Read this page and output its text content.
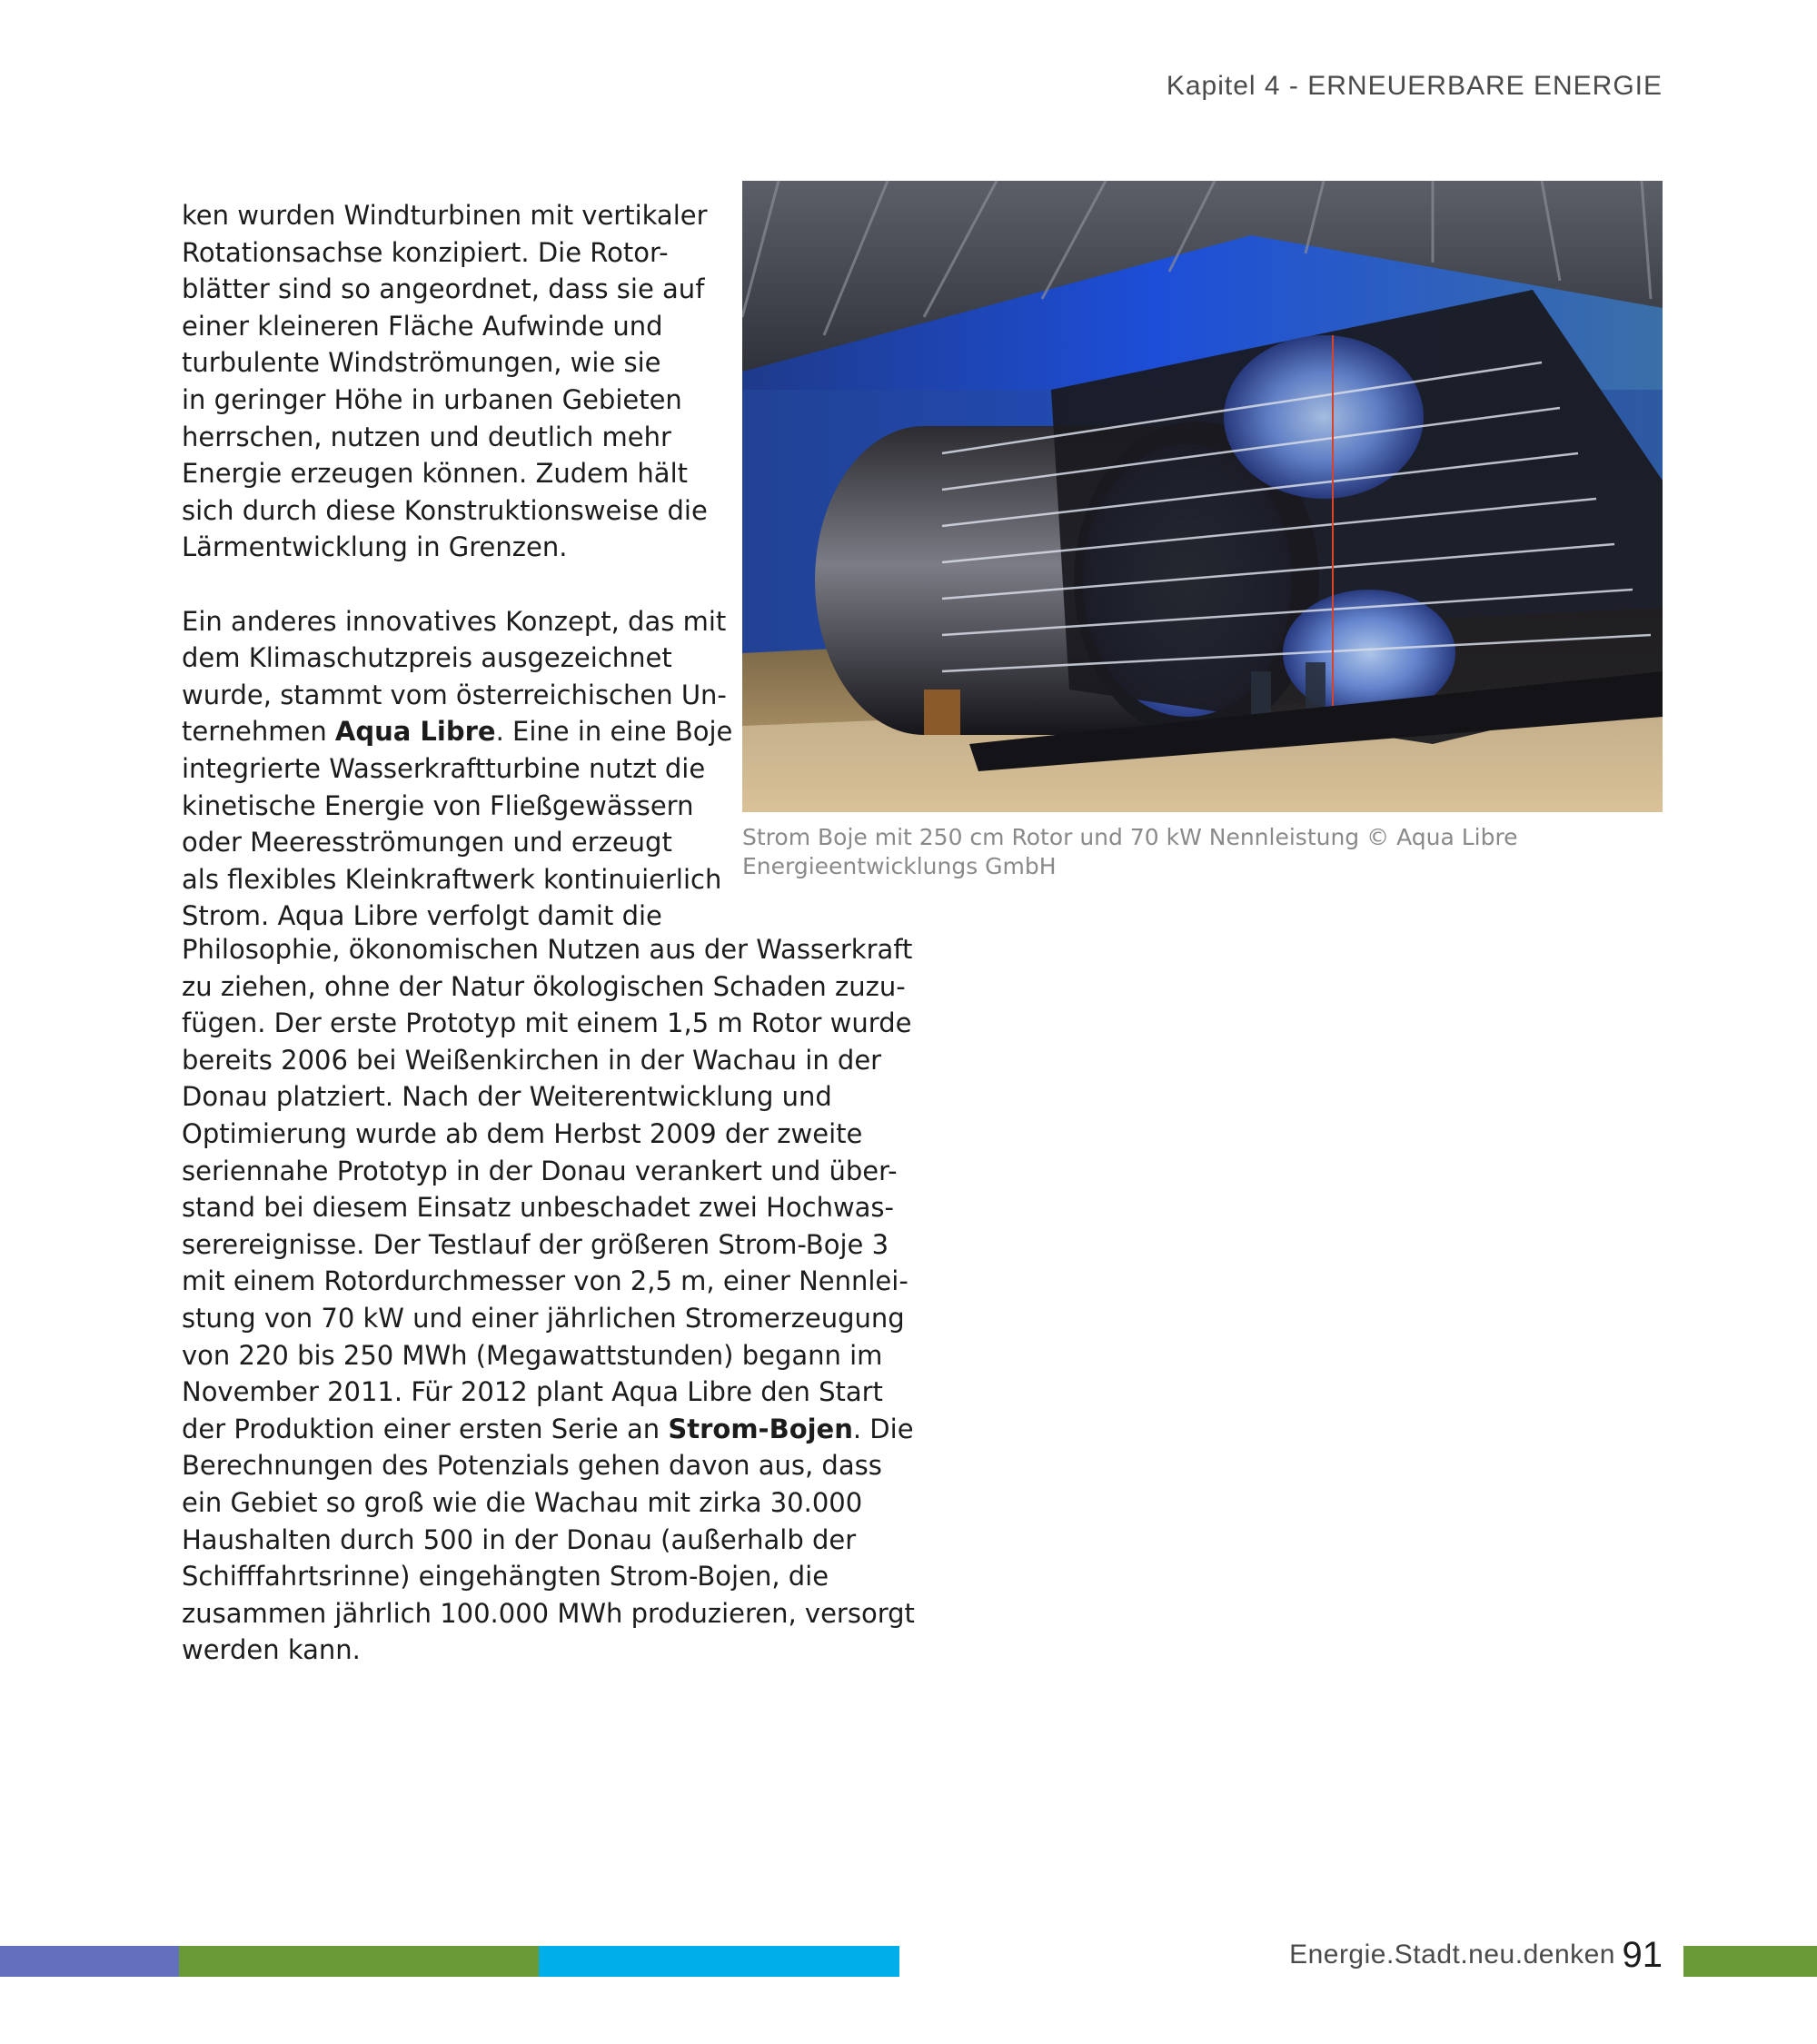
Kapitel 4 - ERNEUERBARE ENERGIE
ken wurden Windturbinen mit vertikaler
Rotationsachse konzipiert. Die Rotor-
blätter sind so angeordnet, dass sie auf
einer kleineren Fläche Aufwinde und
turbulente Windströmungen, wie sie
in geringer Höhe in urbanen Gebieten
herrschen, nutzen und deutlich mehr
Energie erzeugen können. Zudem hält
sich durch diese Konstruktionsweise die
Lärmentwicklung in Grenzen.
Ein anderes innovatives Konzept, das mit
dem Klimaschutzpreis ausgezeichnet
wurde, stammt vom österreichischen Un-
ternehmen Aqua Libre. Eine in eine Boje
integrierte Wasserkraftturbine nutzt die
kinetische Energie von Fließgewässern
oder Meeresströmungen und erzeugt
als flexibles Kleinkraftwerk kontinuierlich
Strom. Aqua Libre verfolgt damit die
Philosophie, ökonomischen Nutzen aus der Wasserkraft
zu ziehen, ohne der Natur ökologischen Schaden zuzu-
fügen. Der erste Prototyp mit einem 1,5 m Rotor wurde
bereits 2006 bei Weißenkirchen in der Wachau in der
Donau platziert. Nach der Weiterentwicklung und
Optimierung wurde ab dem Herbst 2009 der zweite
seriennahe Prototyp in der Donau verankert und über-
stand bei diesem Einsatz unbeschadet zwei Hochwas-
serereignisse. Der Testlauf der größeren Strom-Boje 3
mit einem Rotordurchmesser von 2,5 m, einer Nennlei-
stung von 70 kW und einer jährlichen Stromerzeugung
von 220 bis 250 MWh (Megawattstunden) begann im
November 2011. Für 2012 plant Aqua Libre den Start
der Produktion einer ersten Serie an Strom-Bojen. Die
Berechnungen des Potenzials gehen davon aus, dass
ein Gebiet so groß wie die Wachau mit zirka 30.000
Haushalten durch 500 in der Donau (außerhalb der
Schifffahrtsrinne) eingehängten Strom-Bojen, die
zusammen jährlich 100.000 MWh produzieren, versorgt
werden kann.
Strom Boje mit 250 cm Rotor und 70 kW Nennleistung © Aqua Libre
Energieentwicklungs GmbH
Energie.Stadt.neu.denken 91
